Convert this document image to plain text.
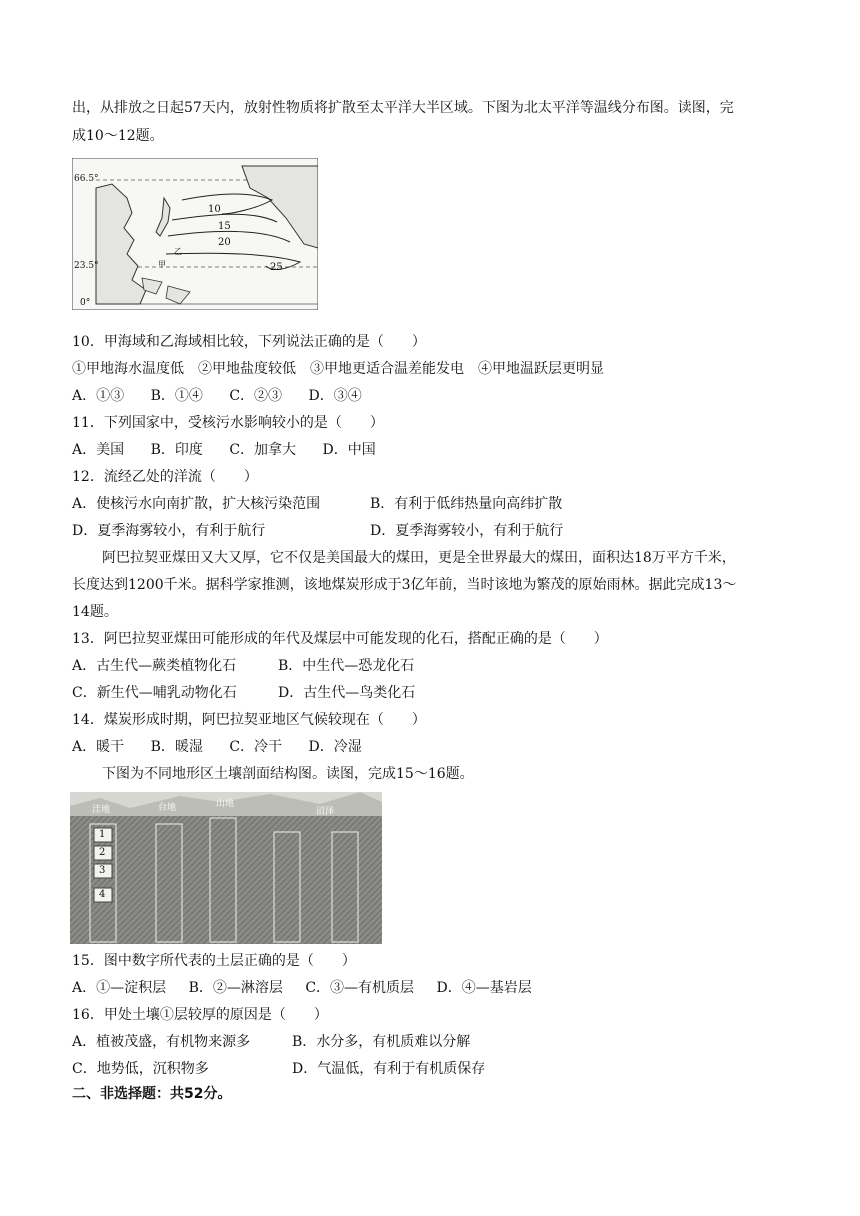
出，从排放之日起57天内，放射性物质将扩散至太平洋大半区域。下图为北太平洋等温线分布图。读图，完
成10～12题。
66.5°
23.5°
0°
10
15
20
25
乙
甲
10．甲海域和乙海域相比较，下列说法正确的是（　　）
①甲地海水温度低　②甲地盐度较低　③甲地更适合温差能发电　④甲地温跃层更明显
A．①③ B．①④ C．②③ D．③④
11．下列国家中，受核污水影响较小的是（　　）
A．美国 B．印度 C．加拿大 D．中国
12．流经乙处的洋流（　　）
A．使核污水向南扩散，扩大核污染范围	B．有利于低纬热量向高纬扩散
D．夏季海雾较小，有利于航行	D．夏季海雾较小，有利于航行
阿巴拉契亚煤田又大又厚，它不仅是美国最大的煤田，更是全世界最大的煤田，面积达18万平方千米，
长度达到1200千米。据科学家推测，该地煤炭形成于3亿年前，当时该地为繁茂的原始雨林。据此完成13～
14题。
13．阿巴拉契亚煤田可能形成的年代及煤层中可能发现的化石，搭配正确的是（　　）
A．古生代—蕨类植物化石	B．中生代—恐龙化石
C．新生代—哺乳动物化石	D．古生代—鸟类化石
14．煤炭形成时期，阿巴拉契亚地区气候较现在（　　）
A．暖干 B．暖湿 C．冷干 D．冷湿
下图为不同地形区土壤剖面结构图。读图，完成15～16题。
洼地	台地	山地
沼泽
1
2
3
4
15．图中数字所代表的土层正确的是（　　）
A．①—淀积层 B．②—淋溶层 C．③—有机质层 D．④—基岩层
16．甲处土壤①层较厚的原因是（　　）
A．植被茂盛，有机物来源多	B．水分多，有机质难以分解
C．地势低，沉积物多	D．气温低，有利于有机质保存
二、非选择题：共52分。
